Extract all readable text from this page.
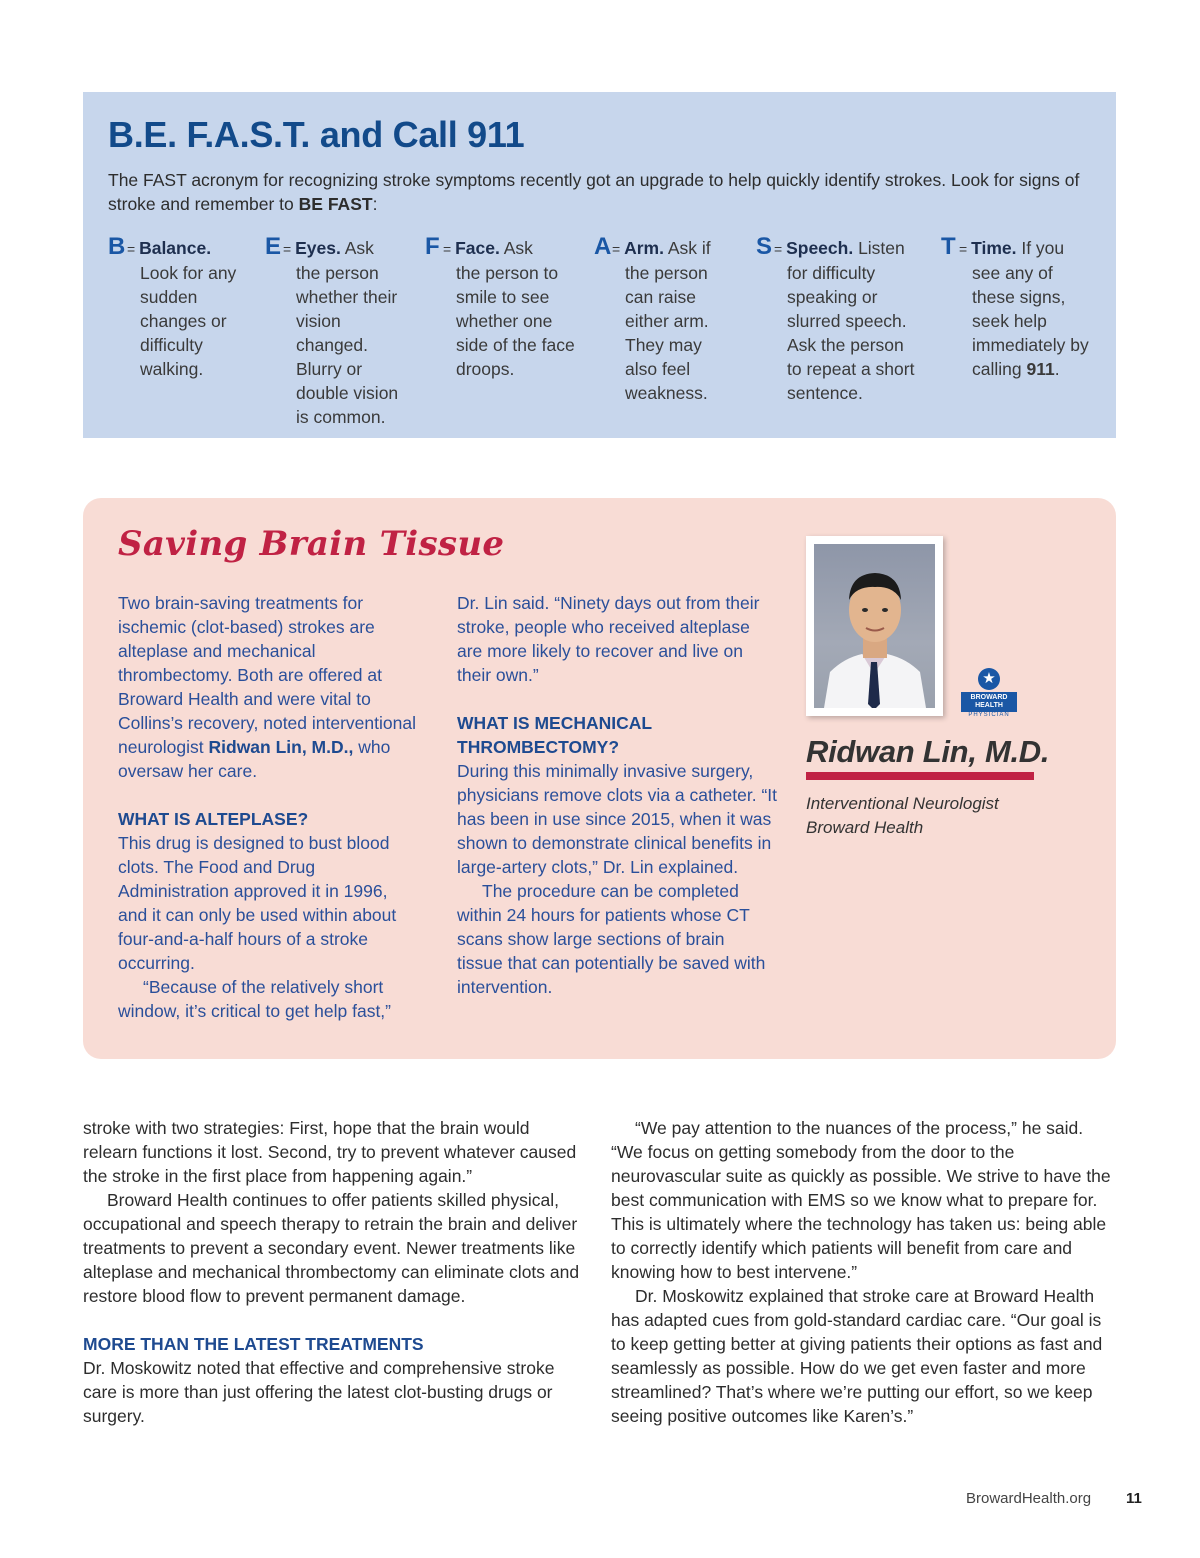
B.E. F.A.S.T. and Call 911

The FAST acronym for recognizing stroke symptoms recently got an upgrade to help quickly identify strokes. Look for signs of stroke and remember to BE FAST:

B = Balance.
Look for any sudden changes or difficulty walking.
E = Eyes. Ask
the person whether their vision changed. Blurry or double vision is common.
F = Face. Ask
the person to smile to see whether one side of the face droops.
A = Arm. Ask if
the person can raise either arm. They may also feel weakness.
S = Speech. Listen
for difficulty speaking or slurred speech. Ask the person to repeat a short sentence.
T = Time. If you
see any of these signs, seek help immediately by calling 911.
Saving Brain Tissue

Two brain-saving treatments for ischemic (clot-based) strokes are alteplase and mechanical thrombectomy. Both are offered at Broward Health and were vital to Collins’s recovery, noted interventional neurologist Ridwan Lin, M.D., who oversaw her care.

WHAT IS ALTEPLASE?

This drug is designed to bust blood clots. The Food and Drug Administration approved it in 1996, and it can only be used within about four-and-a-half hours of a stroke occurring.

“Because of the relatively short window, it’s critical to get help fast,”

Dr. Lin said. “Ninety days out from their stroke, people who received alteplase are more likely to recover and live on their own.”

WHAT IS MECHANICAL THROMBECTOMY?

During this minimally invasive surgery, physicians remove clots via a catheter. “It has been in use since 2015, when it was shown to demonstrate clinical benefits in large-artery clots,” Dr. Lin explained.

The procedure can be completed within 24 hours for patients whose CT scans show large sections of brain tissue that can potentially be saved with intervention.

★
BROWARD
HEALTH
PHYSICIAN
Ridwan Lin, M.D.
Interventional Neurologist
Broward Health

stroke with two strategies: First, hope that the brain would relearn functions it lost. Second, try to prevent whatever caused the stroke in the first place from happening again.”

Broward Health continues to offer patients skilled physical, occupational and speech therapy to retrain the brain and deliver treatments to prevent a secondary event. Newer treatments like alteplase and mechanical thrombectomy can eliminate clots and restore blood flow to prevent permanent damage.

MORE THAN THE LATEST TREATMENTS

Dr. Moskowitz noted that effective and comprehensive stroke care is more than just offering the latest clot-busting drugs or surgery.

“We pay attention to the nuances of the process,” he said. “We focus on getting somebody from the door to the neurovascular suite as quickly as possible. We strive to have the best communication with EMS so we know what to prepare for. This is ultimately where the technology has taken us: being able to correctly identify which patients will benefit from care and knowing how to best intervene.”

Dr. Moskowitz explained that stroke care at Broward Health has adapted cues from gold-standard cardiac care. “Our goal is to keep getting better at giving patients their options as fast and seamlessly as possible. How do we get even faster and more streamlined? That’s where we’re putting our effort, so we keep seeing positive outcomes like Karen’s.”

BrowardHealth.org 11
